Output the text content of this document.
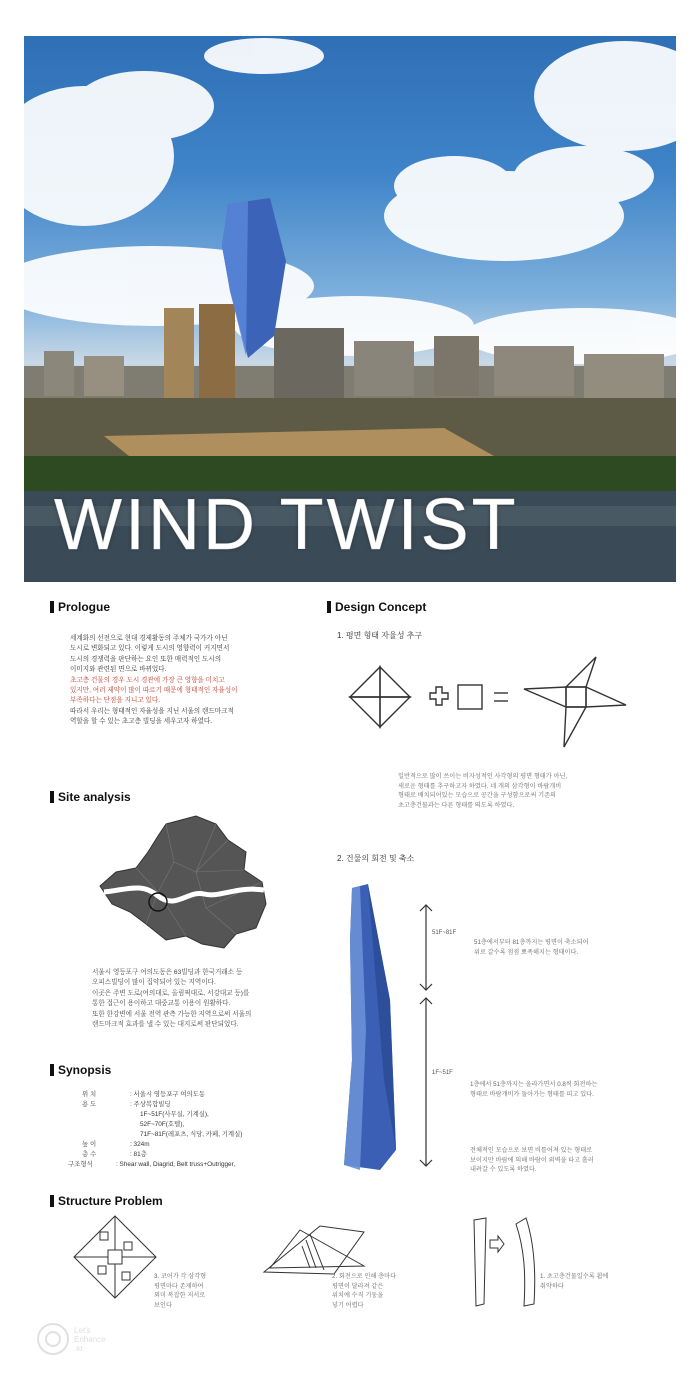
WIND TWIST
Prologue
세계화의 선전으로 현대 경제활동의 주체가 국가가 아닌
도시로 변화되고 있다. 이렇게 도시의 영향력이 커지면서
도시의 경쟁력을 판단하는 요인 또한 매력적인 도시의
이미지와 관련된 면으로 바뀌었다.
초고층 건물의 경우 도시 경관에 가장 큰 영향을 미치고
있지만, 여러 제약이 많이 따르기 때문에 형태적인 자율성이
부족하다는 단점을 지니고 있다.
따라서 우리는 형태적인 자율성을 지닌 서울의 랜드마크적
역할을 할 수 있는 초고층 빌딩을 세우고자 하였다.
Design Concept
1. 평면 형태 자율성 추구
일반적으로 많이 쓰이는 비자성적인 사각형의 평면 형태가 아닌,
새로운 형태를 추구하고자 하였다. 네 개의 삼각형이 바람개비
형태로 배치되어있는 모습으로 공간을 구성함으로써 기존의
초고층건물과는 다른 형태를 띄도록 하였다.
2. 건물의 회전 및 축소
51F~81F
51층에서부터 81층까지는 평면이 축소되어
위로 갈수록 점점 뾰족해지는 형태이다.
1F~51F
1층에서 51층까지는 올라가면서 0.8씩 회전하는
형태로 바람개비가 돌아가는 형태를 띠고 있다.
전체적인 모습으로 보면 비틀어져 있는 형태로
보이지만 바람에 의해 바람이 외벽을 타고 흘러
내려갈 수 있도록 하였다.
Site analysis
서울시 영등포구 여의도동은 63빌딩과 한국거래소 등
오피스빌딩이 많이 집약되어 있는 지역이다.
이곳은 주변 도로(여의대로, 올림픽대로, 서강대교 등)를
통한 접근이 용이하고 대중교통 이용이 원활하다.
또한 한강변에 서울 전역 관측 가능한 지역으로써 서울의
랜드마크적 효과를 낼 수 있는 대지로써 판단되었다.
Synopsis
위 치	: 서울시 영등포구 여의도동
용 도	: 주상복합빌딩
1F~51F(사무실, 기계실),
52F~70F(호텔),
71F~81F(레포츠, 식당, 카페, 기계실)
높 이	: 324m
층 수	: 81층
구조형식	: Shear wall, Diagrid, Belt truss+Outrigger,
Structure Problem
3. 코어가 각 삼각형
평면마다 존재하여
외미 복잡한 저서로
보인다
2. 회전으로 인해 층마다
평면이 달라져 같은
위치에 수직 기둥을
넣기 어렵다
1. 초고층건물일수록 휨에
취약하다
Let's
Enhance
.io
